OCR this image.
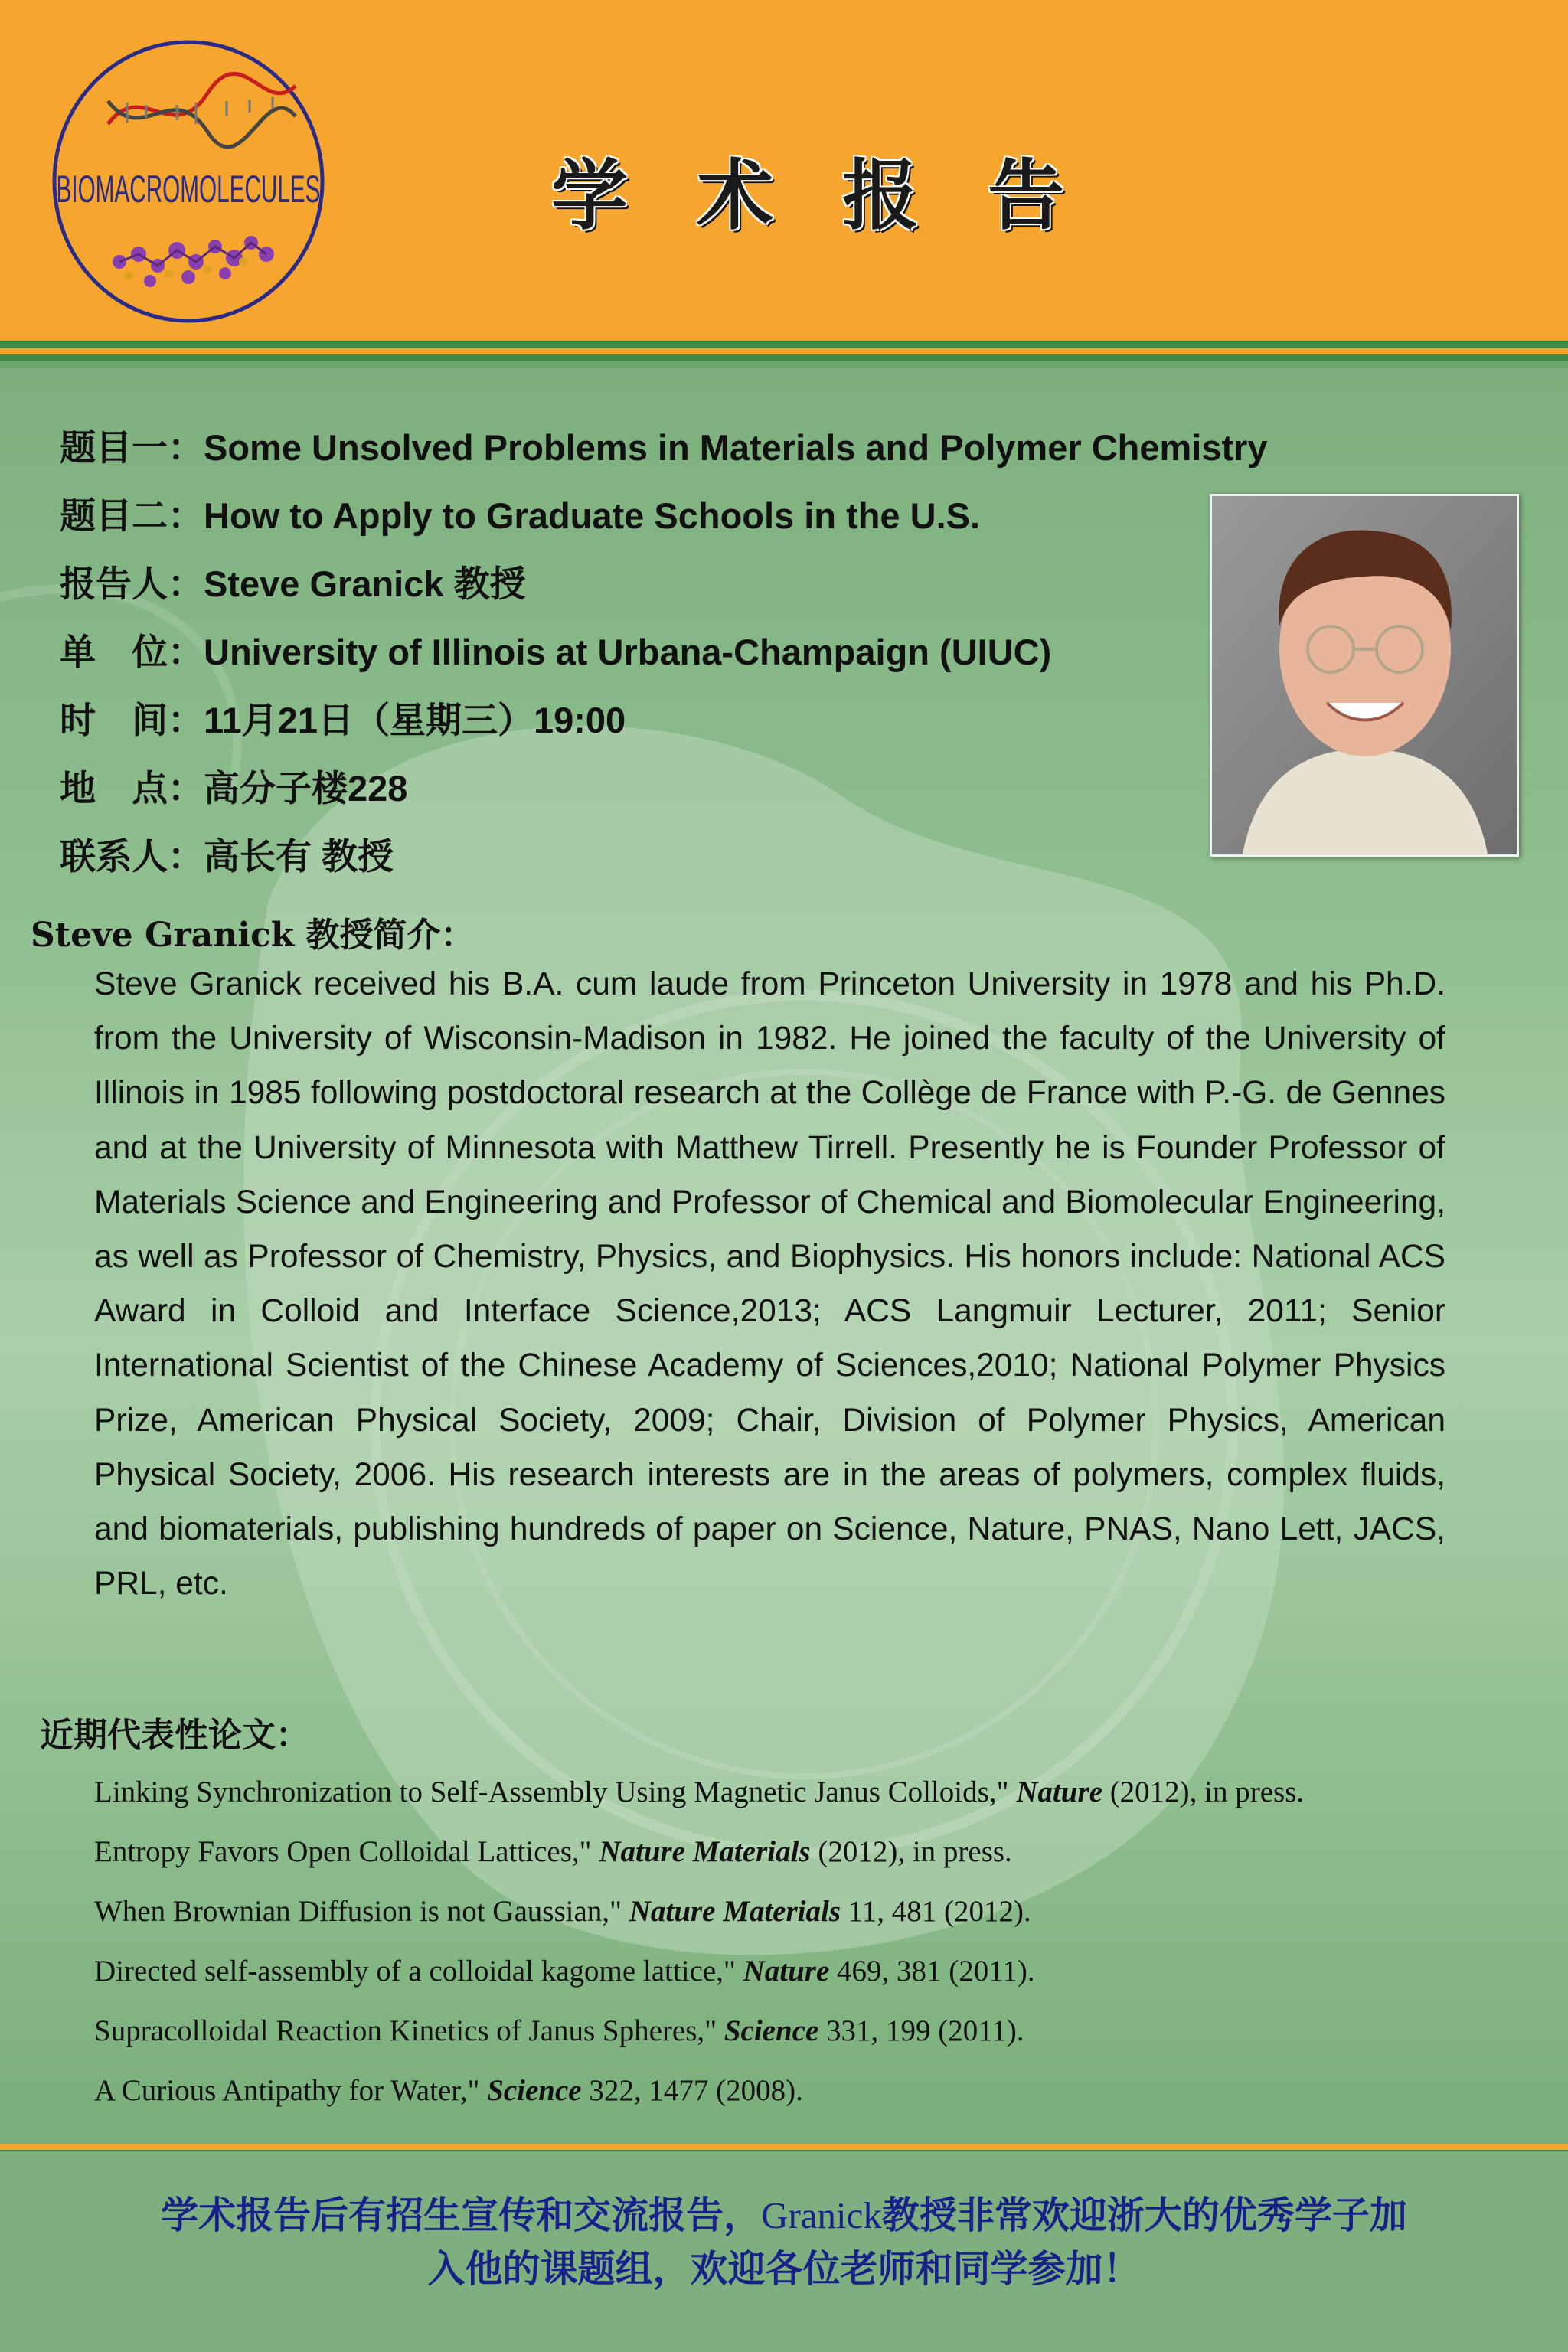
BIOMACROMOLECULES	学术报告
题目一：Some Unsolved Problems in Materials and Polymer Chemistry
题目二：How to Apply to Graduate Schools in the U.S.
报告人：Steve Granick 教授
单　位：University of Illinois at Urbana-Champaign (UIUC)
时　间：11月21日（星期三）19:00
地　点：高分子楼228
联系人：高长有 教授
Steve Granick 教授简介：
Steve Granick received his B.A. cum laude from Princeton University in 1978 and his Ph.D. from the University of Wisconsin-Madison in 1982. He joined the faculty of the University of Illinois in 1985 following postdoctoral research at the Collège de France with P.-G. de Gennes and at the University of Minnesota with Matthew Tirrell. Presently he is Founder Professor of Materials Science and Engineering and Professor of Chemical and Biomolecular Engineering, as well as Professor of Chemistry, Physics, and Biophysics. His honors include: National ACS Award in Colloid and Interface Science,2013; ACS Langmuir Lecturer, 2011; Senior International Scientist of the Chinese Academy of Sciences,2010; National Polymer Physics Prize, American Physical Society, 2009; Chair, Division of Polymer Physics, American Physical Society, 2006. His research interests are in the areas of polymers, complex fluids, and biomaterials, publishing hundreds of paper on Science, Nature, PNAS, Nano Lett, JACS, PRL, etc.
近期代表性论文：
Linking Synchronization to Self-Assembly Using Magnetic Janus Colloids," Nature (2012), in press.
Entropy Favors Open Colloidal Lattices," Nature Materials (2012), in press.
When Brownian Diffusion is not Gaussian," Nature Materials 11, 481 (2012).
Directed self-assembly of a colloidal kagome lattice," Nature 469, 381 (2011).
Supracolloidal Reaction Kinetics of Janus Spheres," Science 331, 199 (2011).
A Curious Antipathy for Water," Science 322, 1477 (2008).
学术报告后有招生宣传和交流报告，Granick教授非常欢迎浙大的优秀学子加
入他的课题组，欢迎各位老师和同学参加！
